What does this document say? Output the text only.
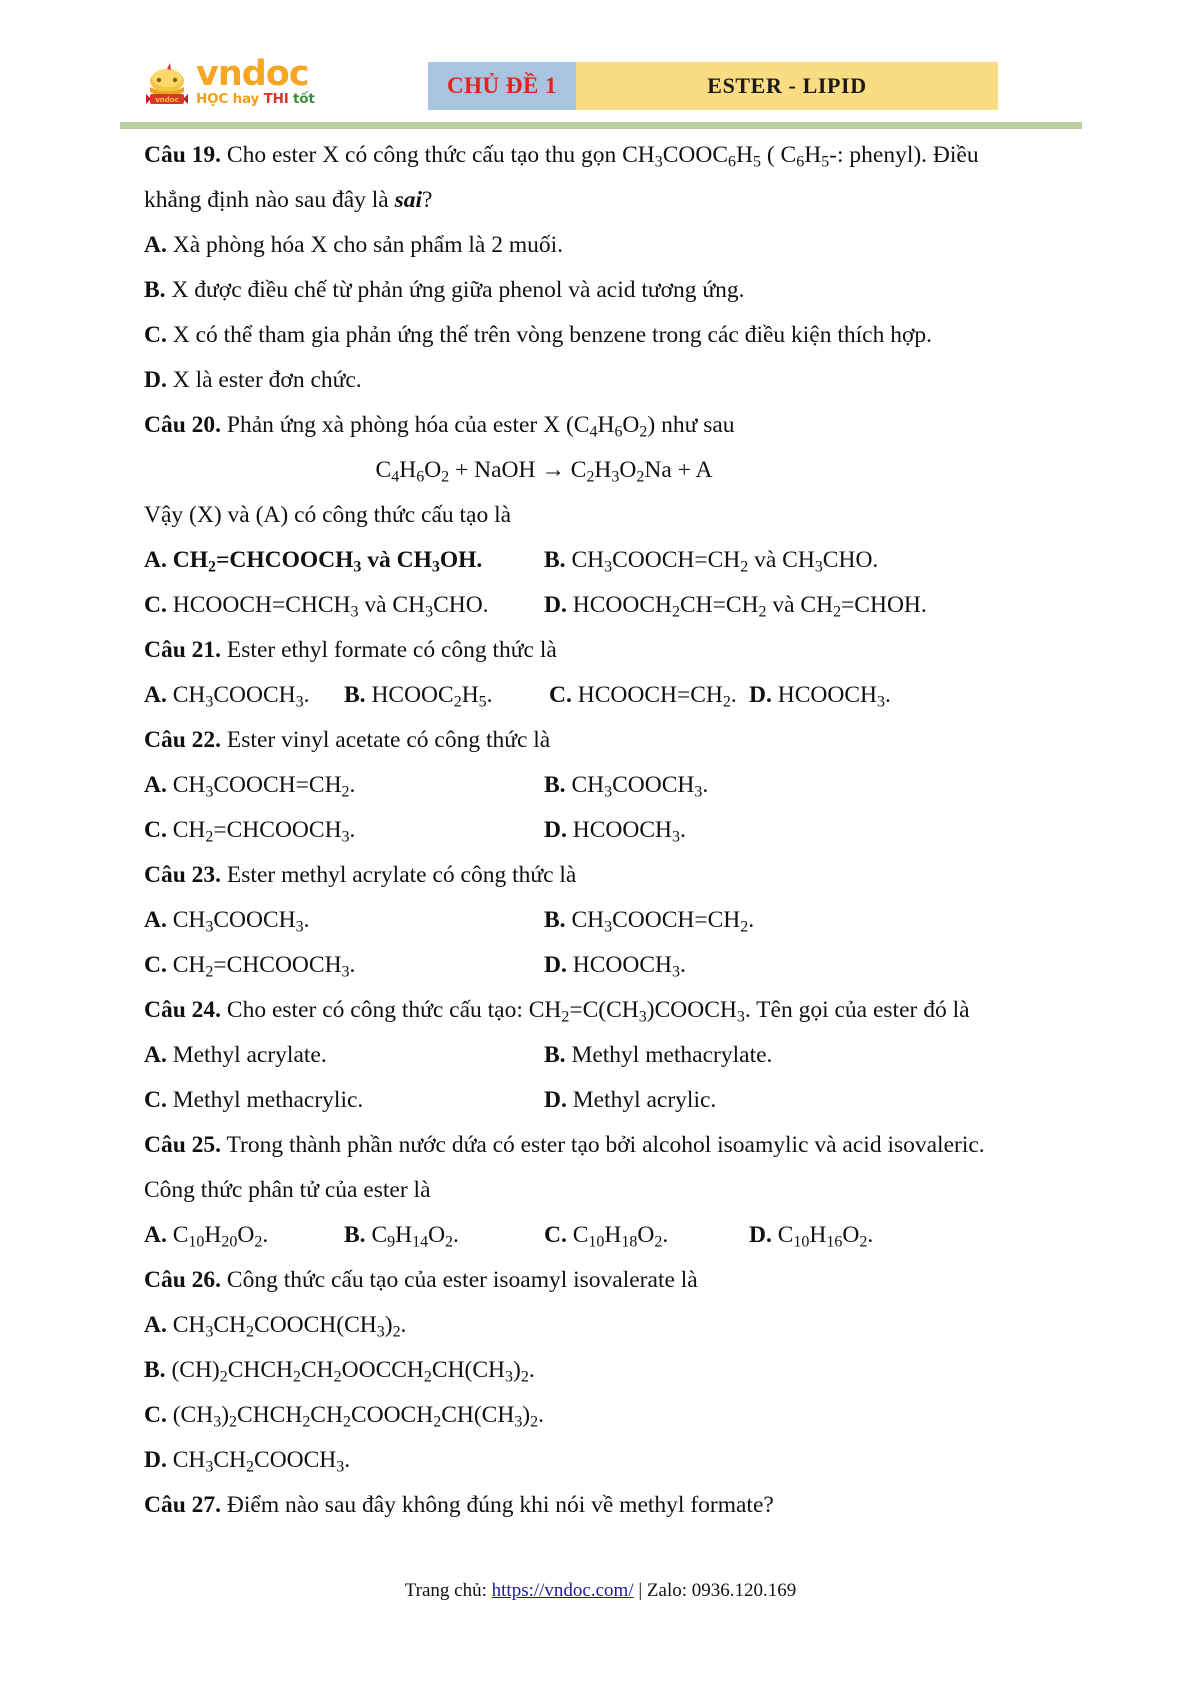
vndoc
vndoc
HỌC hay THI tốt
CHỦ ĐỀ 1	ESTER - LIPID
Câu 19. Cho ester X có công thức cấu tạo thu gọn $CH_3COOC_6H_5$ ( $C_6H_5-$: phenyl). Điều
khẳng định nào sau đây là sai?
A. Xà phòng hóa X cho sản phẩm là 2 muối.
B. X được điều chế từ phản ứng giữa phenol và acid tương ứng.
C. X có thể tham gia phản ứng thế trên vòng benzene trong các điều kiện thích hợp.
D. X là ester đơn chức.
Câu 20. Phản ứng xà phòng hóa của ester X $(C_4H_6O_2)$ như sau
$C_4H_6O_2$ + NaOH → $C_2H_3O_2Na + A$
Vậy (X) và (A) có công thức cấu tạo là
A. $CH_2=CHCOOCH_3$ và $CH_3OH$.	B. $CH_3COOCH=CH_2$ và $CH_3CHO$.
C. $HCOOCH=CHCH_3$ và $CH_3CHO$.	D. $HCOOCH_2CH=CH_2$ và $CH_2=CHOH$.
Câu 21. Ester ethyl formate có công thức là
A. $CH_3COOCH_3$.	B. $HCOOC_2H_5$.	C. $HCOOCH=CH_2$. D. $HCOOCH_3$.
Câu 22. Ester vinyl acetate có công thức là
A. $CH_3COOCH=CH_2$.	B. $CH_3COOCH_3$.
C. $CH_2=CHCOOCH_3$.	D. $HCOOCH_3$.
Câu 23. Ester methyl acrylate có công thức là
A. $CH_3COOCH_3$.	B. $CH_3COOCH=CH_2$.
C. $CH_2=CHCOOCH_3$.	D. $HCOOCH_3$.
Câu 24. Cho ester có công thức cấu tạo: $CH_2=C(CH_3)COOCH_3$. Tên gọi của ester đó là
A. Methyl acrylate.	B. Methyl methacrylate.
C. Methyl methacrylic.	D. Methyl acrylic.
Câu 25. Trong thành phần nước dứa có ester tạo bởi alcohol isoamylic và acid isovaleric.
Công thức phân tử của ester là
A. $C_{10}H_{20}O_2$.	B. $C_9H_{14}O_2$.	C. $C_{10}H_{18}O_2$.	D. $C_{10}H_{16}O_2$.
Câu 26. Công thức cấu tạo của ester isoamyl isovalerate là
A. $CH_3CH_2COOCH(CH_3)_2$.
B. $(CH)_2CHCH_2CH_2OOCCH_2CH(CH_3)_2$.
C. $(CH_3)_2CHCH_2CH_2COOCH_2CH(CH_3)_2$.
D. $CH_3CH_2COOCH_3$.
Câu 27. Điểm nào sau đây không đúng khi nói về methyl formate?
Trang chủ: https://vndoc.com/ | Zalo: 0936.120.169
